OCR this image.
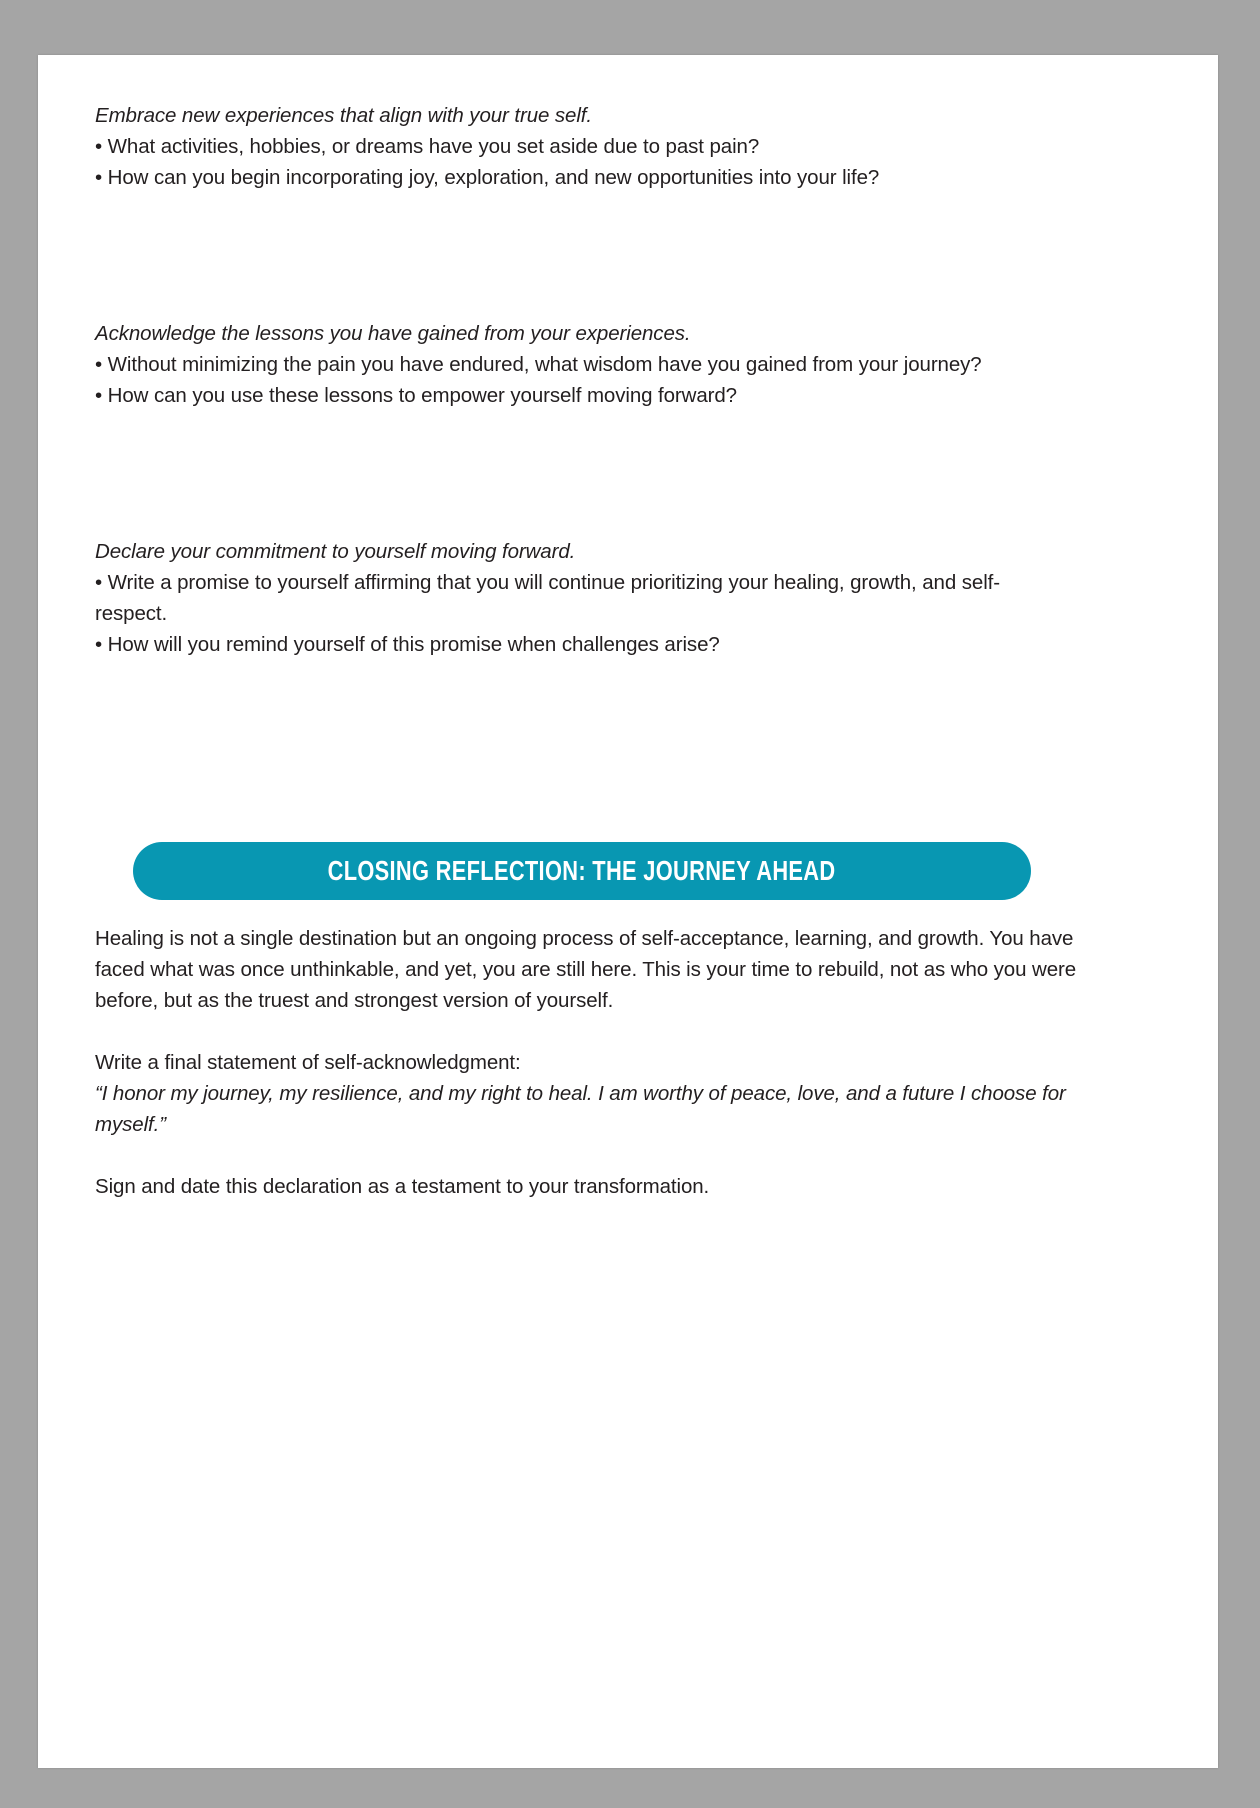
Embrace new experiences that align with your true self.

• What activities, hobbies, or dreams have you set aside due to past pain?

• How can you begin incorporating joy, exploration, and new opportunities into your life?

Acknowledge the lessons you have gained from your experiences.

• Without minimizing the pain you have endured, what wisdom have you gained from your journey?

• How can you use these lessons to empower yourself moving forward?

Declare your commitment to yourself moving forward.

• Write a promise to yourself affirming that you will continue prioritizing your healing, growth, and self-respect.

• How will you remind yourself of this promise when challenges arise?

CLOSING REFLECTION: THE JOURNEY AHEAD

Healing is not a single destination but an ongoing process of self-acceptance, learning, and growth. You have faced what was once unthinkable, and yet, you are still here. This is your time to rebuild, not as who you were before, but as the truest and strongest version of yourself.

Write a final statement of self-acknowledgment:

“I honor my journey, my resilience, and my right to heal. I am worthy of peace, love, and a future I choose for myself.”

Sign and date this declaration as a testament to your transformation.
